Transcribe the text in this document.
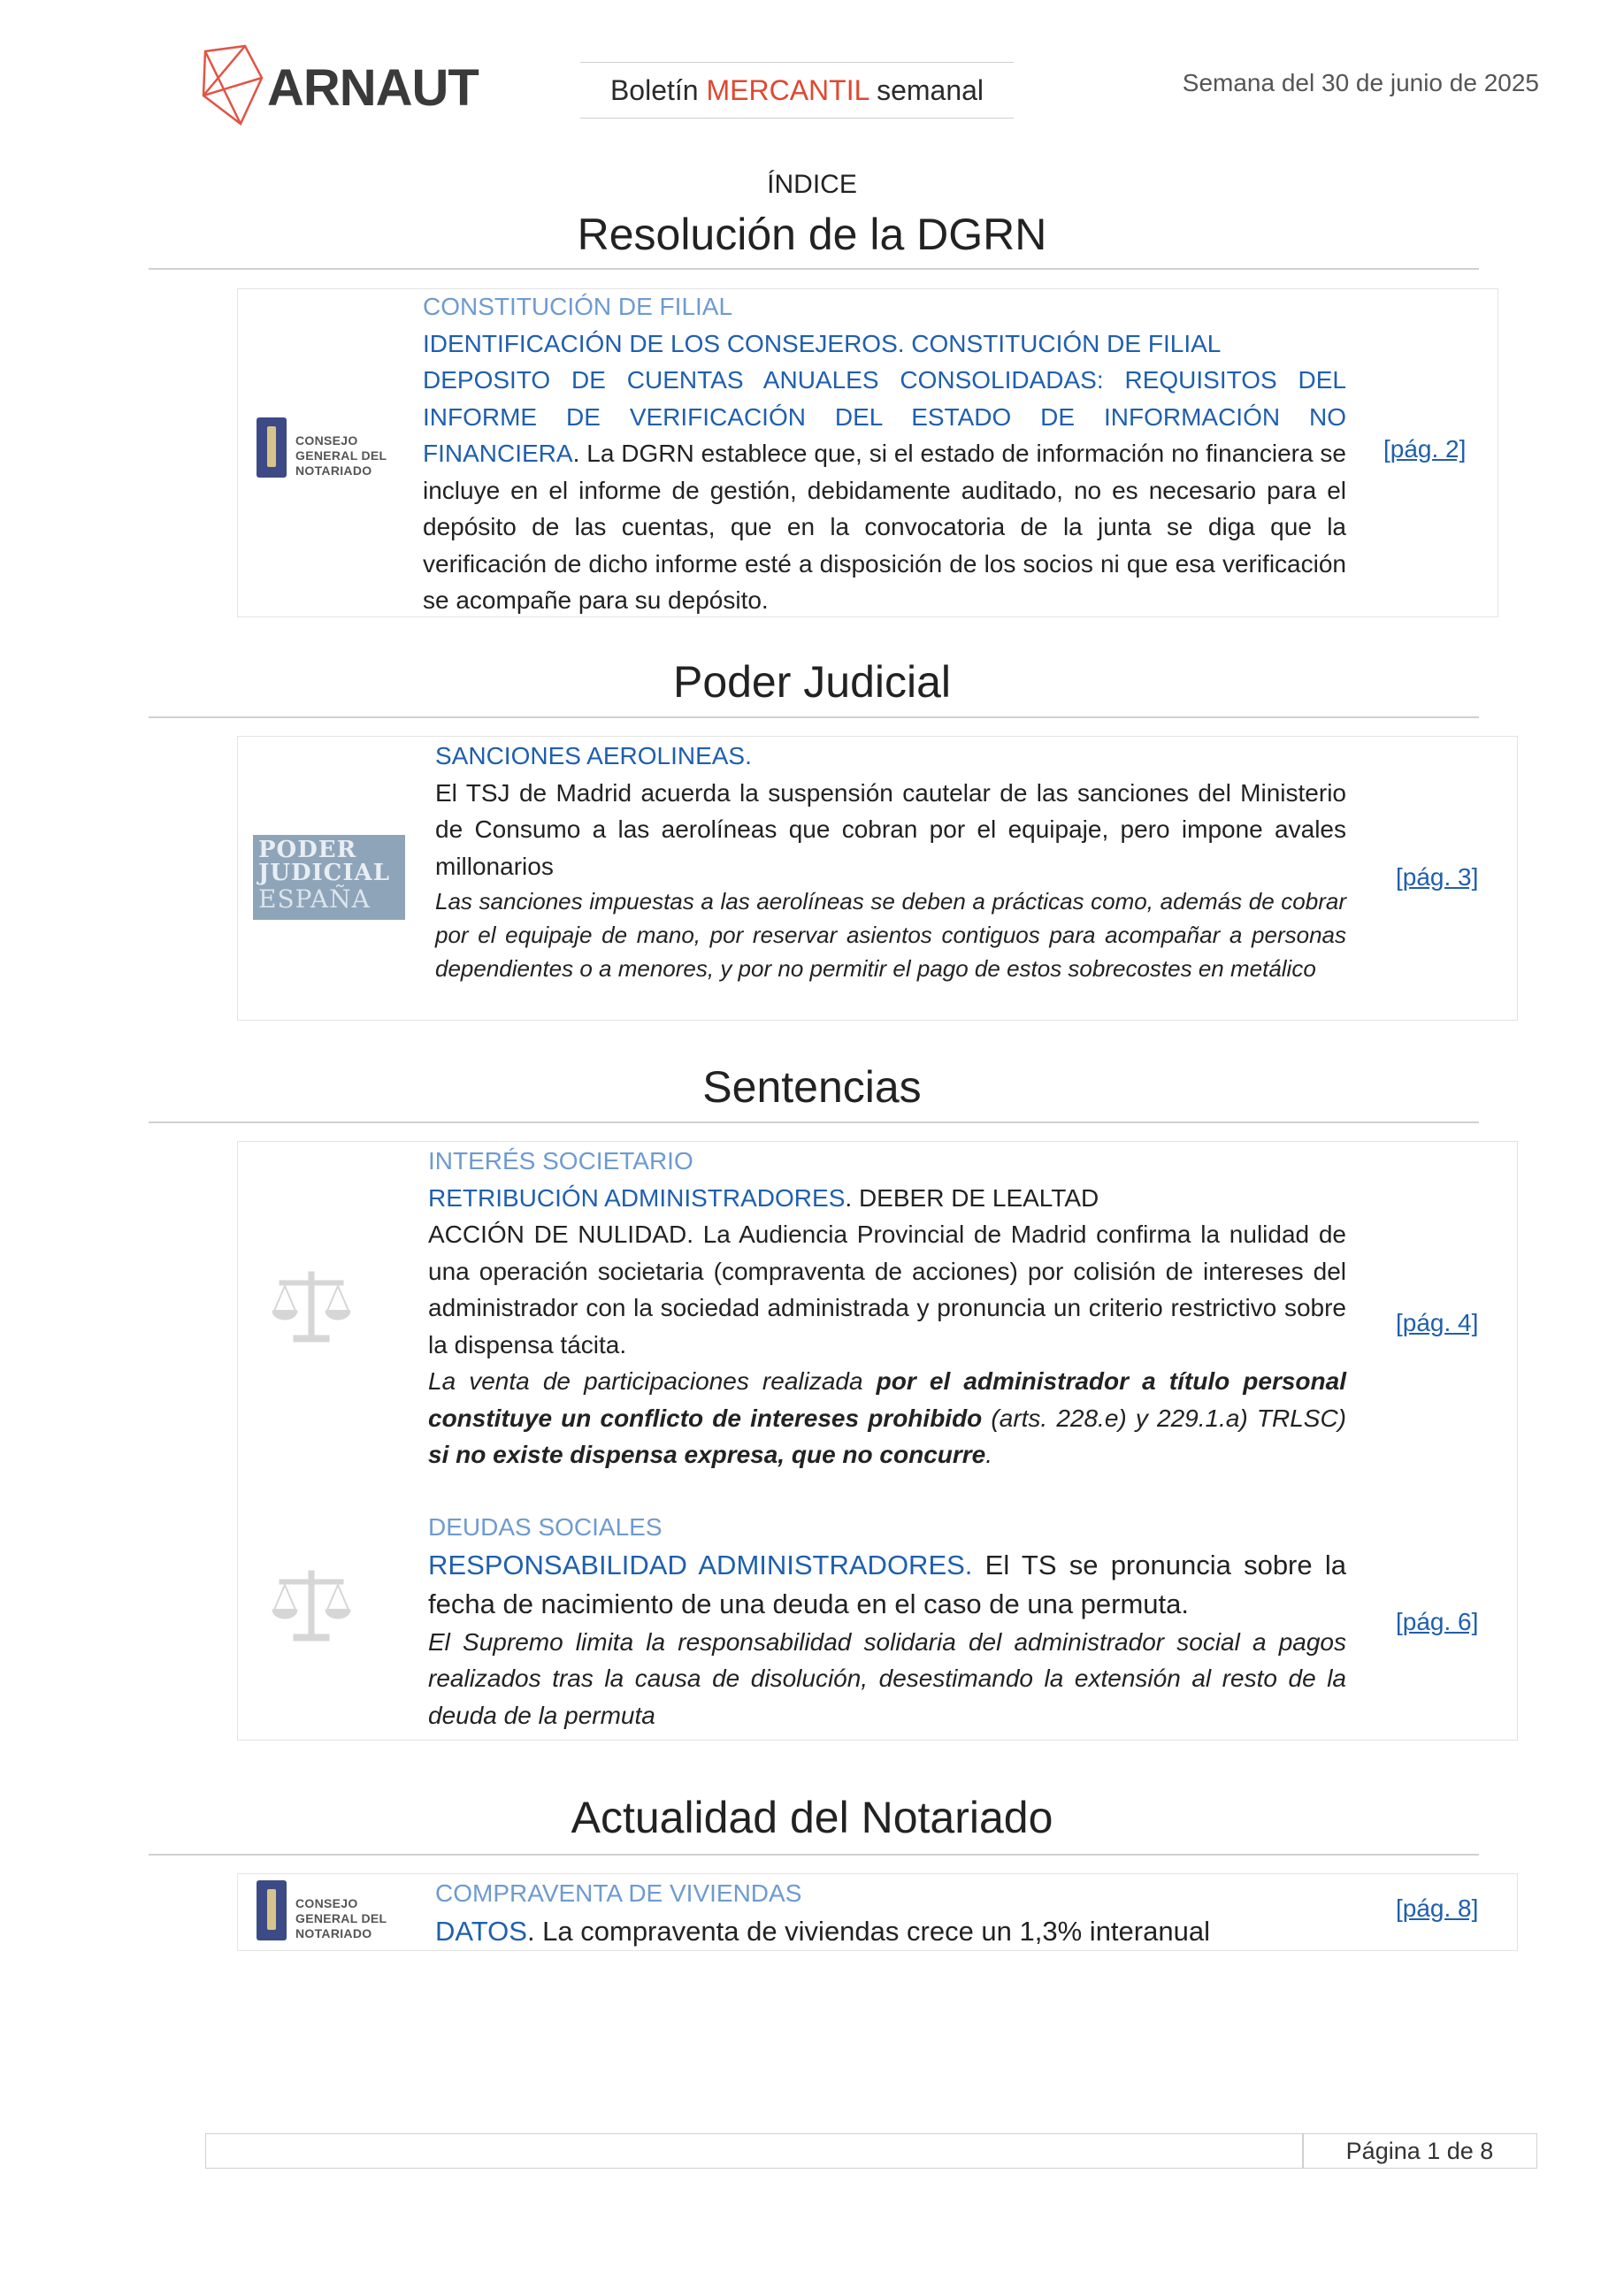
ARNAUT	Boletín MERCANTIL semanal	Semana del 30 de junio de 2025
ÍNDICE
Resolución de la DGRN
CONSEJO GENERAL DEL NOTARIADO

CONSTITUCIÓN DE FILIAL

IDENTIFICACIÓN DE LOS CONSEJEROS. CONSTITUCIÓN DE FILIAL

DEPOSITO DE CUENTAS ANUALES CONSOLIDADAS: REQUISITOS DEL INFORME DE VERIFICACIÓN DEL ESTADO DE INFORMACIÓN NO FINANCIERA. La DGRN establece que, si el estado de información no financiera se incluye en el informe de gestión, debidamente auditado, no es necesario para el depósito de las cuentas, que en la convocatoria de la junta se diga que la verificación de dicho informe esté a disposición de los socios ni que esa verificación se acompañe para su depósito.

[pág. 2]
Poder Judicial
PODER
JUDICIAL
ESPAÑA

SANCIONES AEROLINEAS.

El TSJ de Madrid acuerda la suspensión cautelar de las sanciones del Ministerio de Consumo a las aerolíneas que cobran por el equipaje, pero impone avales millonarios

Las sanciones impuestas a las aerolíneas se deben a prácticas como, además de cobrar por el equipaje de mano, por reservar asientos contiguos para acompañar a personas dependientes o a menores, y por no permitir el pago de estos sobrecostes en metálico

[pág. 3]
Sentencias

INTERÉS SOCIETARIO

RETRIBUCIÓN ADMINISTRADORES. DEBER DE LEALTAD

ACCIÓN DE NULIDAD. La Audiencia Provincial de Madrid confirma la nulidad de una operación societaria (compraventa de acciones) por colisión de intereses del administrador con la sociedad administrada y pronuncia un criterio restrictivo sobre la dispensa tácita.

La venta de participaciones realizada por el administrador a título personal constituye un conflicto de intereses prohibido (arts. 228.e) y 229.1.a) TRLSC) si no existe dispensa expresa, que no concurre.

[pág. 4]

DEUDAS SOCIALES

RESPONSABILIDAD ADMINISTRADORES. El TS se pronuncia sobre la fecha de nacimiento de una deuda en el caso de una permuta.

El Supremo limita la responsabilidad solidaria del administrador social a pagos realizados tras la causa de disolución, desestimando la extensión al resto de la deuda de la permuta

[pág. 6]
Actualidad del Notariado
CONSEJO GENERAL DEL NOTARIADO

COMPRAVENTA DE VIVIENDAS

DATOS. La compraventa de viviendas crece un 1,3% interanual

[pág. 8]
Página 1 de 8
